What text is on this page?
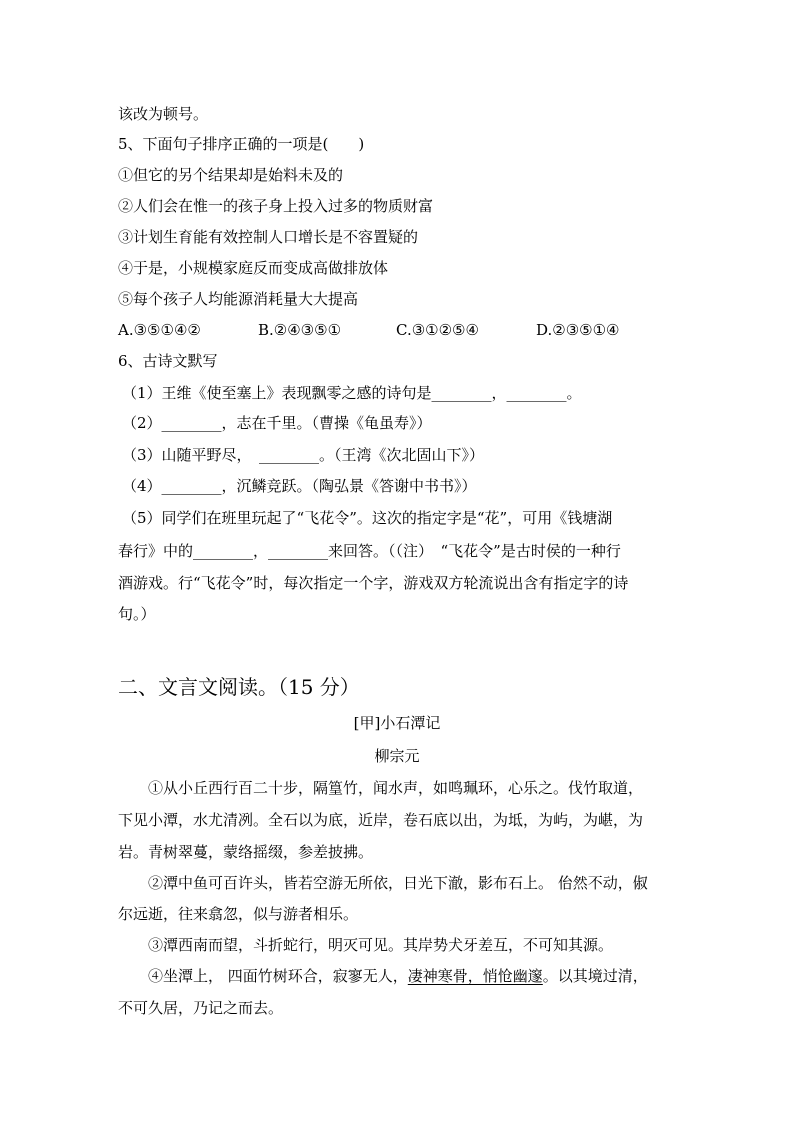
该改为顿号。
5、下面句子排序正确的一项是(　　)
①但它的另个结果却是始料未及的
②人们会在惟一的孩子身上投入过多的物质财富
③计划生育能有效控制人口增长是不容置疑的
④于是，小规模家庭反而变成高做排放体
⑤每个孩子人均能源消耗量大大提高
A.③⑤①④②	B.②④③⑤①	C.③①②⑤④	D.②③⑤①④
6、古诗文默写
（1）王维《使至塞上》表现飘零之感的诗句是________，________。
（2）________，志在千里。（曹操《龟虽寿》）
（3）山随平野尽，　________。（王湾《次北固山下》）
（4）________，沉鳞竞跃。（陶弘景《答谢中书书》）
（5）同学们在班里玩起了“飞花令”。这次的指定字是“花”，可用《钱塘湖
春行》中的________，________来回答。（（注）　“飞花令”是古时侯的一种行
酒游戏。行“飞花令”时，每次指定一个字，游戏双方轮流说出含有指定字的诗
句。）
二、文言文阅读。（15 分）
[甲]小石潭记
柳宗元
①从小丘西行百二十步，隔篁竹，闻水声，如鸣珮环，心乐之。伐竹取道，
下见小潭，水尤清冽。全石以为底，近岸，卷石底以出，为坻，为屿，为嵁，为
岩。青树翠蔓，蒙络摇缀，参差披拂。
②潭中鱼可百许头，皆若空游无所依，日光下澈，影布石上。 佁然不动，俶
尔远逝，往来翕忽，似与游者相乐。
③潭西南而望，斗折蛇行，明灭可见。其岸势犬牙差互，不可知其源。
④坐潭上， 四面竹树环合，寂寥无人，凄神寒骨，悄怆幽邃。以其境过清，
不可久居，乃记之而去。
